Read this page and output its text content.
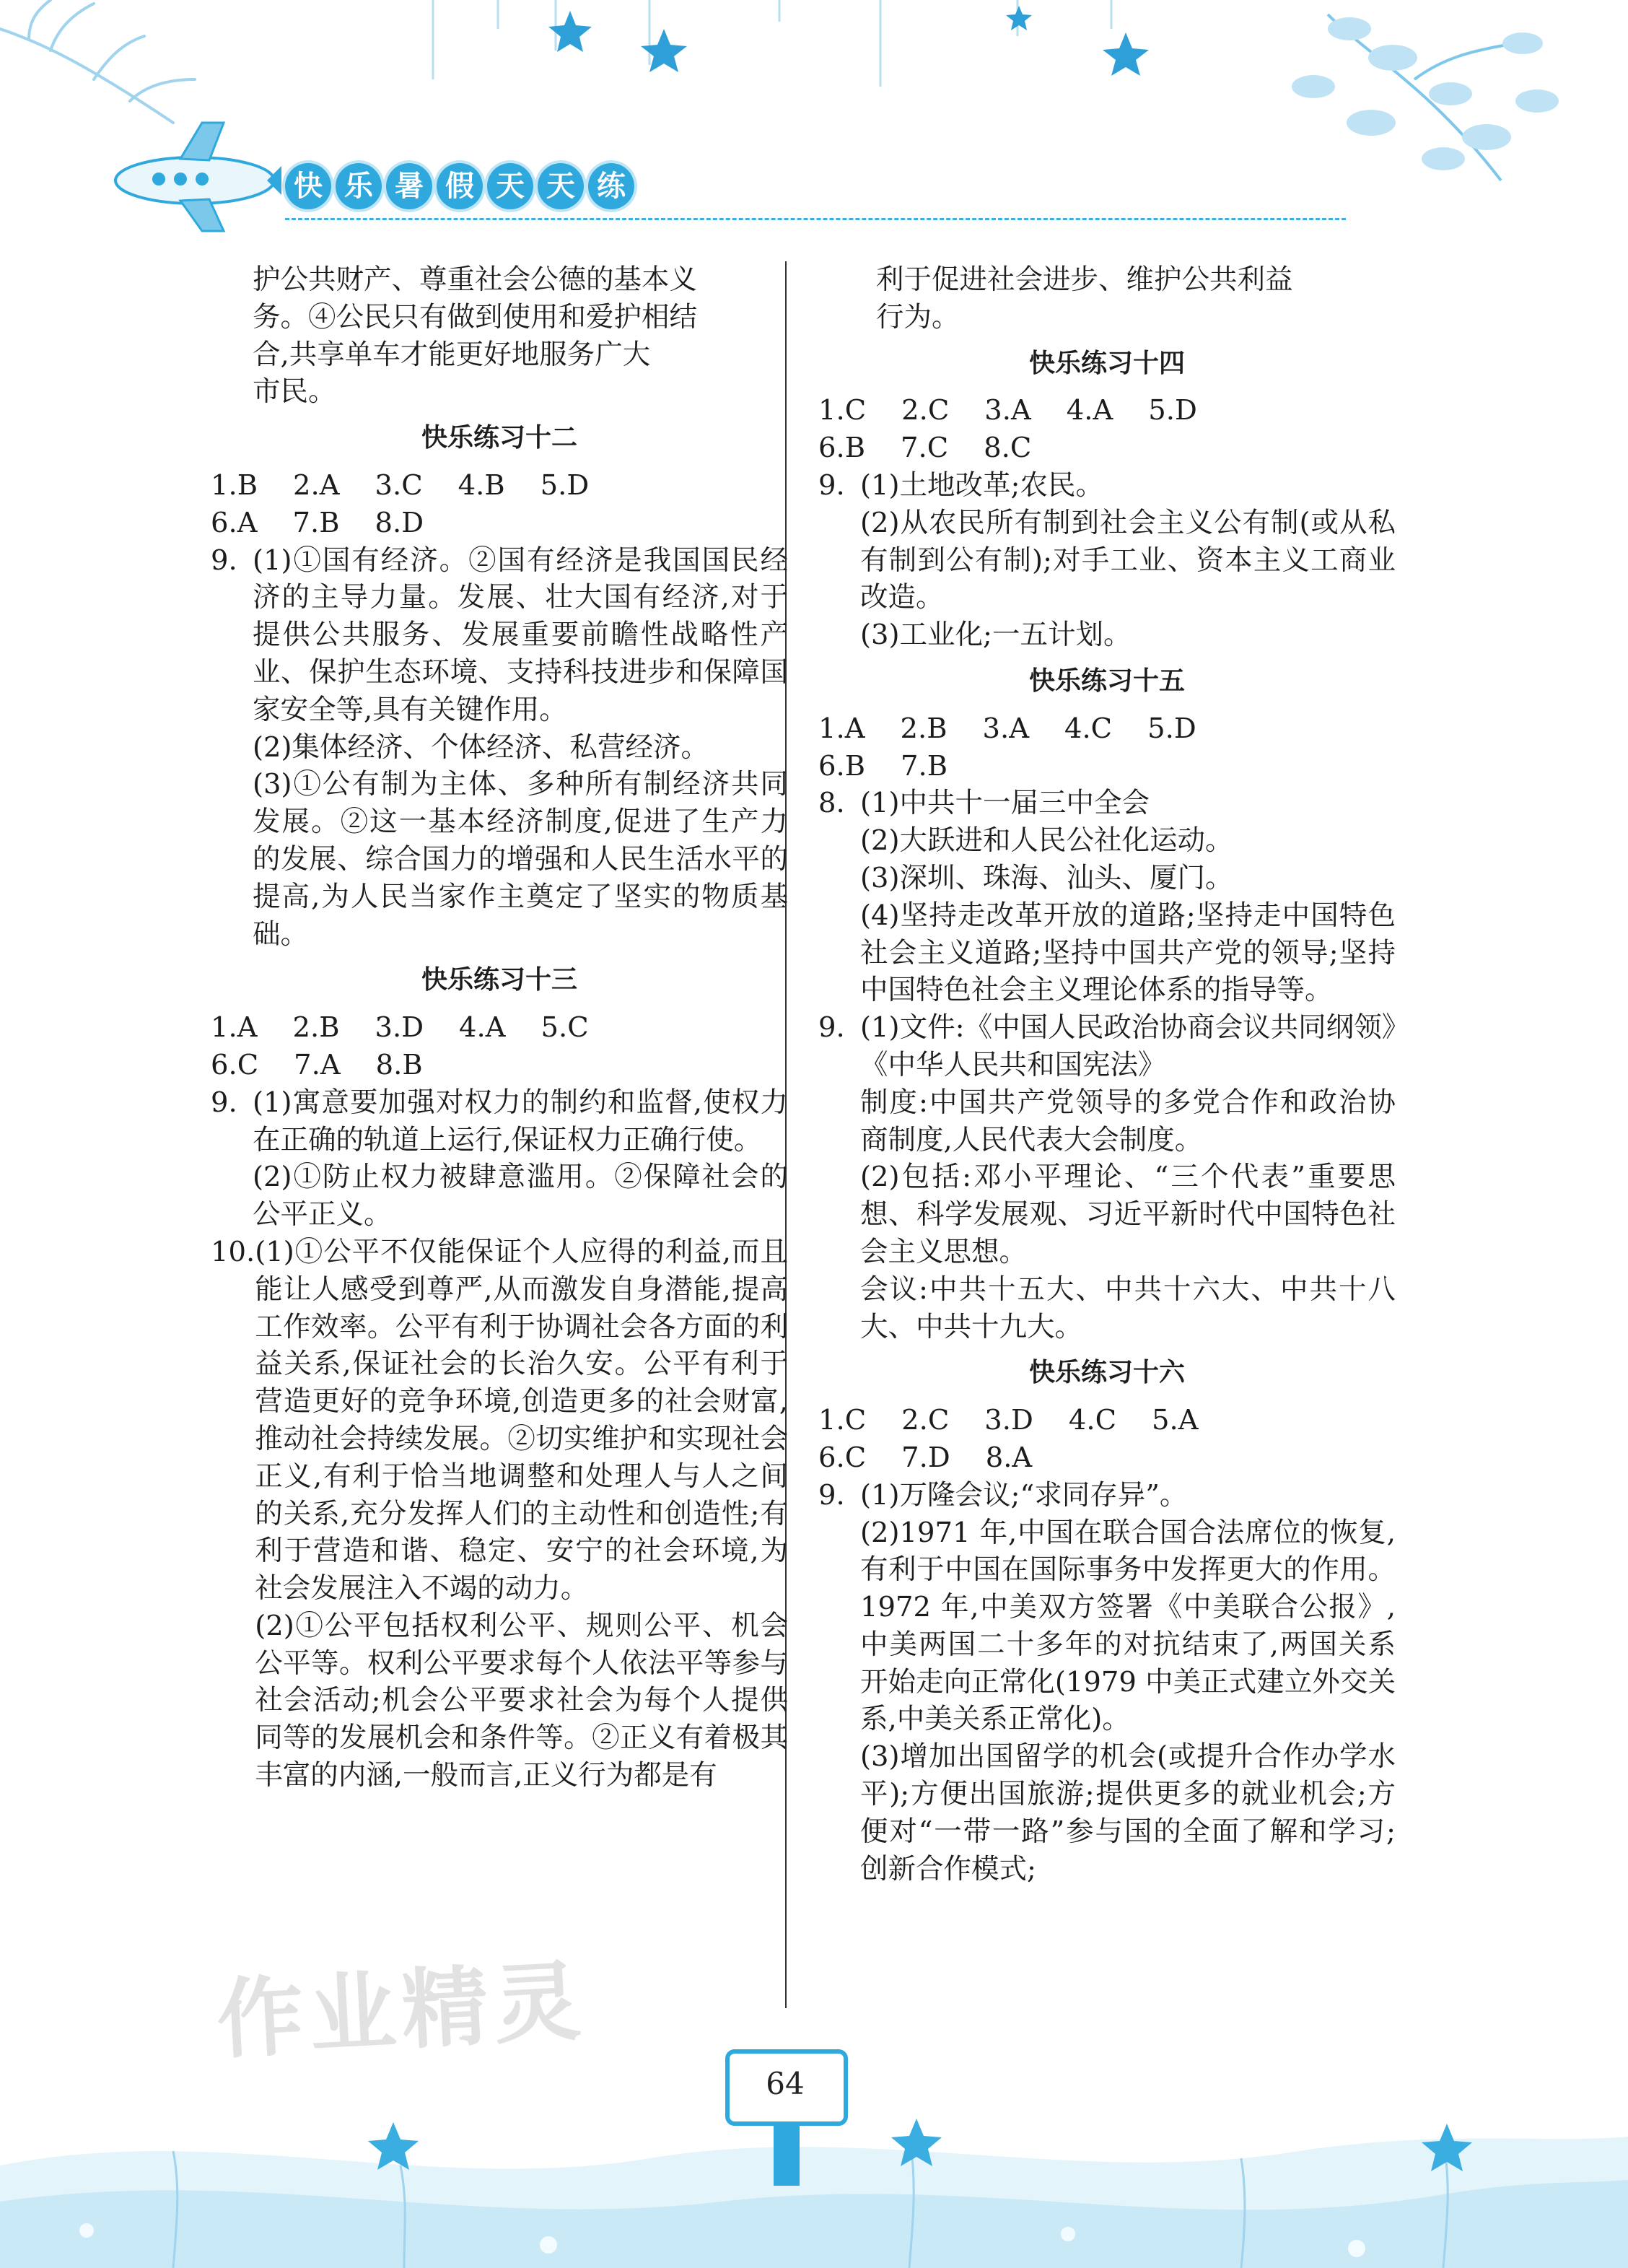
快 乐 暑 假 天 天 练
护公共财产、尊重社会公德的基本义
务。④公民只有做到使用和爱护相结
合,共享单车才能更好地服务广大
市民。
快乐练习十二
1.B    2.A    3.C    4.B    5.D
6.A    7.B    8.D
9. (1)①国有经济。②国有经济是我国国民经济的主导力量。发展、壮大国有经济,对于提供公共服务、发展重要前瞻性战略性产业、保护生态环境、支持科技进步和保障国家安全等,具有关键作用。

(2)集体经济、个体经济、私营经济。

(3)①公有制为主体、多种所有制经济共同发展。②这一基本经济制度,促进了生产力的发展、综合国力的增强和人民生活水平的提高,为人民当家作主奠定了坚实的物质基础。

快乐练习十三
1.A    2.B    3.D    4.A    5.C
6.C    7.A    8.B
9. (1)寓意要加强对权力的制约和监督,使权力在正确的轨道上运行,保证权力正确行使。

(2)①防止权力被肆意滥用。②保障社会的公平正义。

10. (1)①公平不仅能保证个人应得的利益,而且能让人感受到尊严,从而激发自身潜能,提高工作效率。公平有利于协调社会各方面的利益关系,保证社会的长治久安。公平有利于营造更好的竞争环境,创造更多的社会财富,推动社会持续发展。②切实维护和实现社会正义,有利于恰当地调整和处理人与人之间的关系,充分发挥人们的主动性和创造性;有利于营造和谐、稳定、安宁的社会环境,为社会发展注入不竭的动力。

(2)①公平包括权利公平、规则公平、机会公平等。权利公平要求每个人依法平等参与社会活动;机会公平要求社会为每个人提供同等的发展机会和条件等。②正义有着极其丰富的内涵,一般而言,正义行为都是有

利于促进社会进步、维护公共利益
行为。
快乐练习十四
1.C    2.C    3.A    4.A    5.D
6.B    7.C    8.C
9. (1)土地改革;农民。

(2)从农民所有制到社会主义公有制(或从私有制到公有制);对手工业、资本主义工商业改造。

(3)工业化;一五计划。

快乐练习十五
1.A    2.B    3.A    4.C    5.D
6.B    7.B
8. (1)中共十一届三中全会

(2)大跃进和人民公社化运动。

(3)深圳、珠海、汕头、厦门。

(4)坚持走改革开放的道路;坚持走中国特色社会主义道路;坚持中国共产党的领导;坚持中国特色社会主义理论体系的指导等。

9. (1)文件:《中国人民政治协商会议共同纲领》《中华人民共和国宪法》

制度:中国共产党领导的多党合作和政治协商制度,人民代表大会制度。

(2)包括:邓小平理论、“三个代表”重要思想、科学发展观、习近平新时代中国特色社会主义思想。

会议:中共十五大、中共十六大、中共十八大、中共十九大。

快乐练习十六
1.C    2.C    3.D    4.C    5.A
6.C    7.D    8.A
9. (1)万隆会议;“求同存异”。

(2)1971 年,中国在联合国合法席位的恢复,有利于中国在国际事务中发挥更大的作用。1972 年,中美双方签署《中美联合公报》,中美两国二十多年的对抗结束了,两国关系开始走向正常化(1979 中美正式建立外交关系,中美关系正常化)。

(3)增加出国留学的机会(或提升合作办学水平);方便出国旅游;提供更多的就业机会;方便对“一带一路”参与国的全面了解和学习;创新合作模式;

作业精灵
64
